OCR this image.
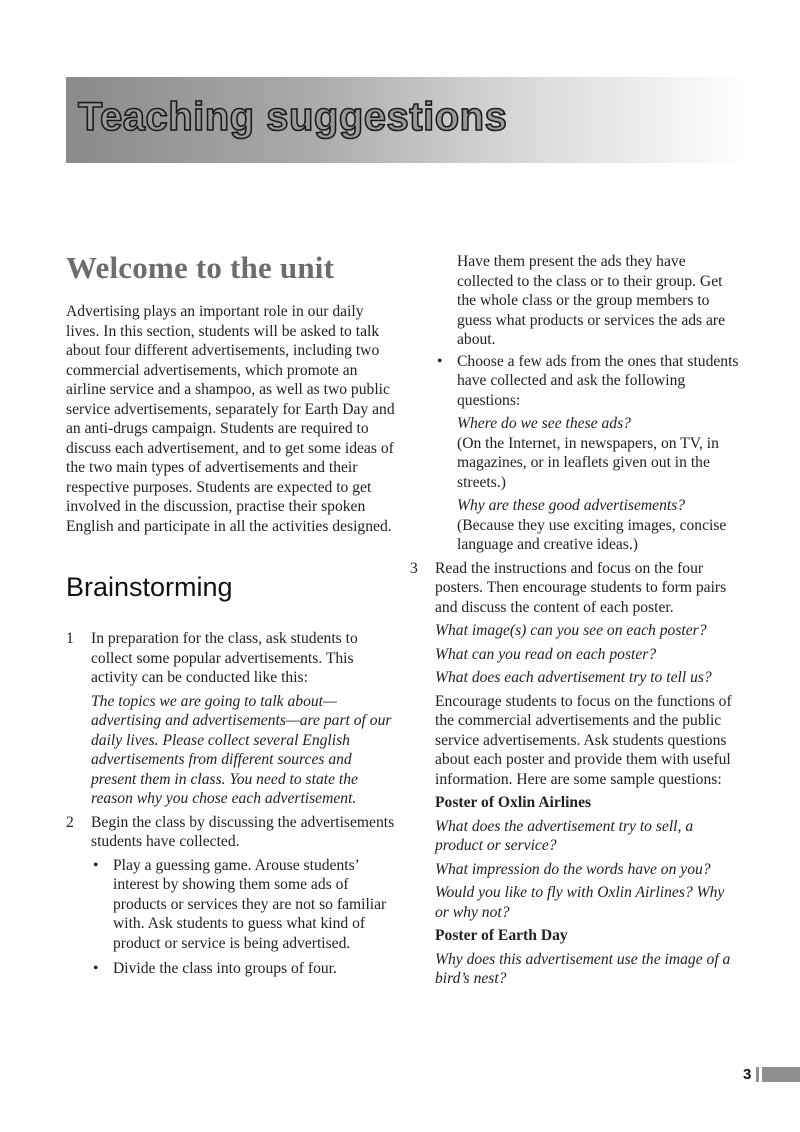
Teaching suggestions
Welcome to the unit

Advertising plays an important role in our daily lives. In this section, students will be asked to talk about four different advertisements, including two commercial advertisements, which promote an airline service and a shampoo, as well as two public service advertisements, separately for Earth Day and an anti-drugs campaign. Students are required to discuss each advertisement, and to get some ideas of the two main types of advertisements and their respective purposes. Students are expected to get involved in the discussion, practise their spoken English and participate in all the activities designed.

Brainstorming
1 In preparation for the class, ask students to collect some popular advertisements. This activity can be conducted like this:

The topics we are going to talk about—advertising and advertisements—are part of our daily lives. Please collect several English advertisements from different sources and present them in class. You need to state the reason why you chose each advertisement.

2 Begin the class by discussing the advertisements students have collected.

• Play a guessing game. Arouse students’ interest by showing them some ads of products or services they are not so familiar with. Ask students to guess what kind of product or service is being advertised.
• Divide the class into groups of four.

Have them present the ads they have collected to the class or to their group. Get the whole class or the group members to guess what products or services the ads are about.

• Choose a few ads from the ones that students have collected and ask the following questions:

Where do we see these ads?

(On the Internet, in newspapers, on TV, in magazines, or in leaflets given out in the streets.)

Why are these good advertisements?

(Because they use exciting images, concise language and creative ideas.)

3 Read the instructions and focus on the four posters. Then encourage students to form pairs and discuss the content of each poster.

What image(s) can you see on each poster?

What can you read on each poster?

What does each advertisement try to tell us?

Encourage students to focus on the functions of the commercial advertisements and the public service advertisements. Ask students questions about each poster and provide them with useful information. Here are some sample questions:

Poster of Oxlin Airlines

What does the advertisement try to sell, a product or service?

What impression do the words have on you?

Would you like to fly with Oxlin Airlines? Why or why not?

Poster of Earth Day

Why does this advertisement use the image of a bird’s nest?

3
